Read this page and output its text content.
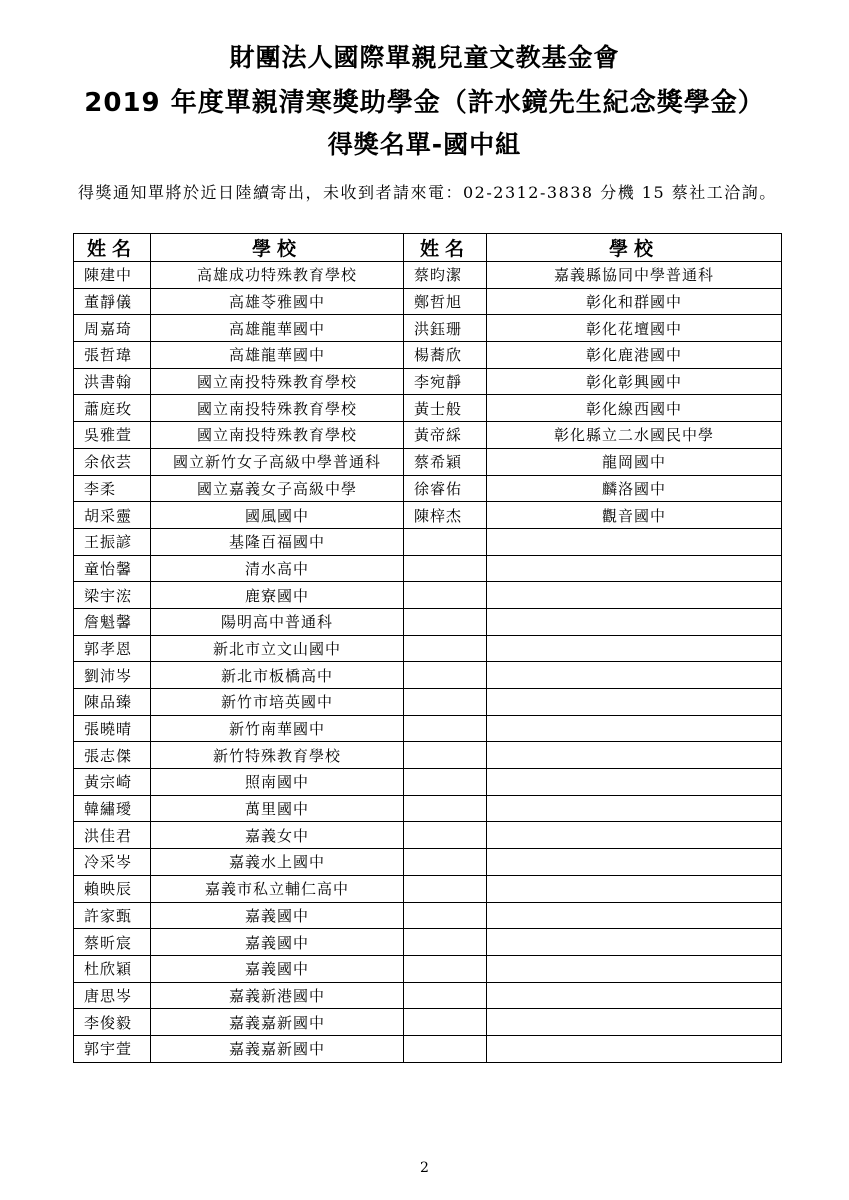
財團法人國際單親兒童文教基金會
2019 年度單親清寒獎助學金（許水鏡先生紀念獎學金）
得獎名單-國中組
得獎通知單將於近日陸續寄出，未收到者請來電：02-2312-3838 分機 15 蔡社工洽詢。
姓名	學校	姓名	學校
陳建中	高雄成功特殊教育學校	蔡昀潔	嘉義縣協同中學普通科
董靜儀	高雄苓雅國中	鄭哲旭	彰化和群國中
周嘉琦	高雄龍華國中	洪鈺珊	彰化花壇國中
張哲瑋	高雄龍華國中	楊蕎欣	彰化鹿港國中
洪書翰	國立南投特殊教育學校	李宛靜	彰化彰興國中
蕭庭玫	國立南投特殊教育學校	黃士般	彰化線西國中
吳雅萱	國立南投特殊教育學校	黃帝綵	彰化縣立二水國民中學
余依芸	國立新竹女子高級中學普通科	蔡希穎	龍岡國中
李柔	國立嘉義女子高級中學	徐睿佑	麟洛國中
胡采靈	國風國中	陳梓杰	觀音國中
王振諺	基隆百福國中		
童怡馨	清水高中		
梁宇浤	鹿寮國中		
詹魁馨	陽明高中普通科		
郭孝恩	新北市立文山國中		
劉沛岑	新北市板橋高中		
陳品臻	新竹市培英國中		
張曉晴	新竹南華國中		
張志傑	新竹特殊教育學校		
黃宗崎	照南國中		
韓繡璦	萬里國中		
洪佳君	嘉義女中		
冷采岑	嘉義水上國中		
賴映辰	嘉義市私立輔仁高中		
許家甄	嘉義國中		
蔡昕宸	嘉義國中		
杜欣穎	嘉義國中		
唐思岑	嘉義新港國中		
李俊毅	嘉義嘉新國中		
郭宇萱	嘉義嘉新國中		
2
